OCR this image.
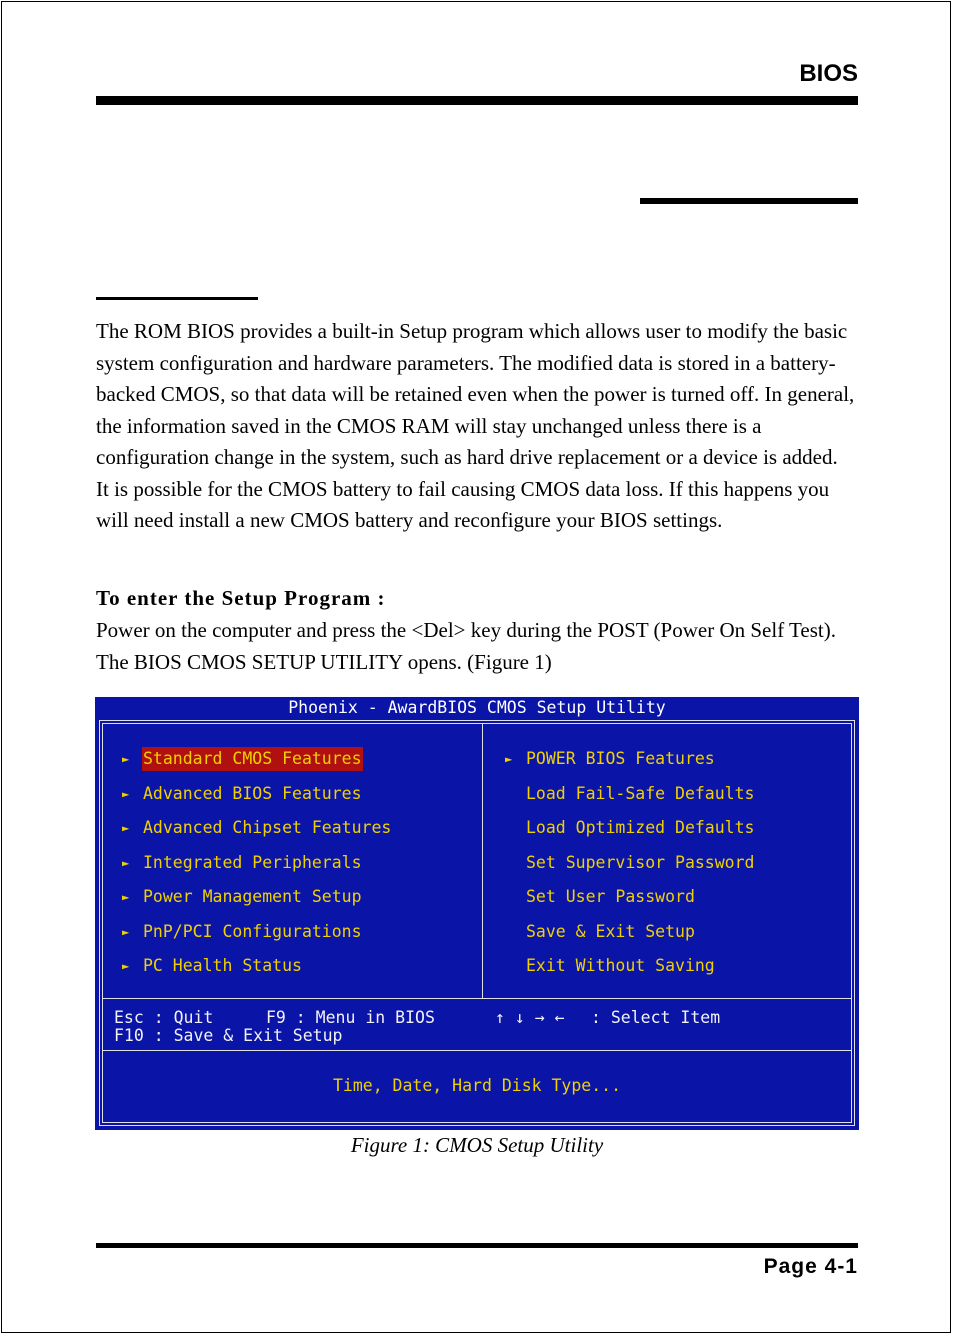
BIOS

The ROM BIOS provides a built-in Setup program which allows user to modify the basic system configuration and hardware parameters. The modified data is stored in a battery-backed CMOS, so that data will be retained even when the power is turned off. In general, the information saved in the CMOS RAM will stay unchanged unless there is a configuration change in the system, such as hard drive replacement or a device is added.

It is possible for the CMOS battery to fail causing CMOS data loss. If this happens you will need install a new CMOS battery and reconfigure your BIOS settings.

To enter the Setup Program :
Power on the computer and press the <Del> key during the POST (Power On Self Test). The BIOS CMOS SETUP UTILITY opens. (Figure 1)
Phoenix - AwardBIOS CMOS Setup Utility

►

Standard CMOS Features

►

Advanced BIOS Features

►

Advanced Chipset Features

►

Integrated Peripherals

►

Power Management Setup

►

PnP/PCI Configurations

►

PC Health Status

►

POWER BIOS Features

Load Fail-Safe Defaults

Load Optimized Defaults

Set Supervisor Password

Set User Password

Save & Exit Setup

Exit Without Saving

Esc : Quit	F9 : Menu in BIOS	↑ ↓ → ← : Select Item
F10 : Save & Exit Setup
Time, Date, Hard Disk Type...
Figure 1: CMOS Setup Utility
Page 4-1
